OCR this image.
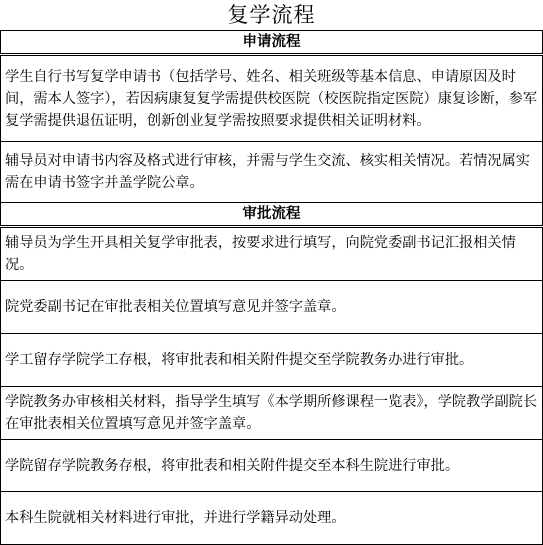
复学流程
申请流程
学生自行书写复学申请书（包括学号、姓名、相关班级等基本信息、申请原因及时间，需本人签字），若因病康复复学需提供校医院（校医院指定医院）康复诊断，参军复学需提供退伍证明，创新创业复学需按照要求提供相关证明材料。
辅导员对申请书内容及格式进行审核，并需与学生交流、核实相关情况。若情况属实需在申请书签字并盖学院公章。
审批流程
辅导员为学生开具相关复学审批表，按要求进行填写，向院党委副书记汇报相关情况。
院党委副书记在审批表相关位置填写意见并签字盖章。
学工留存学院学工存根，将审批表和相关附件提交至学院教务办进行审批。
学院教务办审核相关材料，指导学生填写《本学期所修课程一览表》，学院教学副院长在审批表相关位置填写意见并签字盖章。
学院留存学院教务存根，将审批表和相关附件提交至本科生院进行审批。
本科生院就相关材料进行审批，并进行学籍异动处理。
